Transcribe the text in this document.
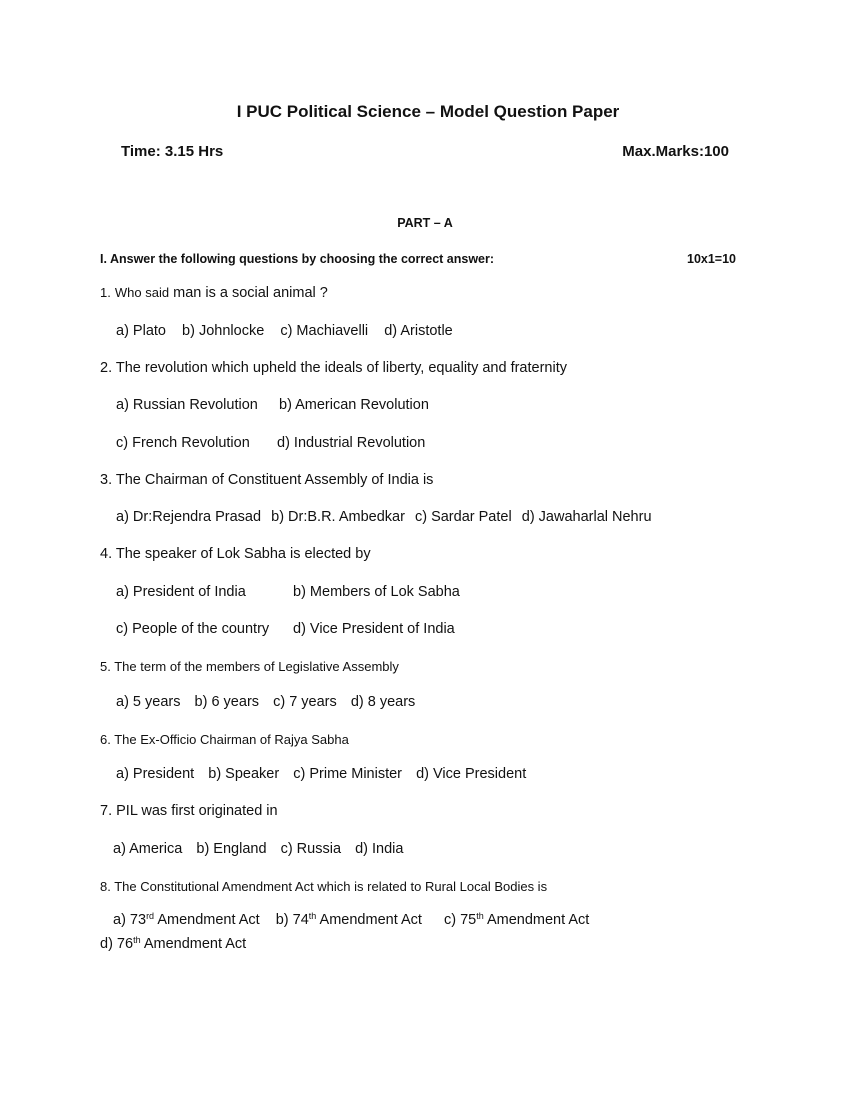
I PUC Political Science – Model Question Paper
Time: 3.15 Hrs	Max.Marks:100
PART – A
I. Answer the following questions by choosing the correct answer:	10x1=10
1. Who said man is a social animal ?
a) Plato b) Johnlocke c) Machiavelli d) Aristotle
2. The revolution which upheld the ideals of liberty, equality and fraternity
a) Russian Revolution b) American Revolution
c) French Revolution d) Industrial Revolution
3. The Chairman of Constituent Assembly of India is
a) Dr:Rejendra Prasad b) Dr:B.R. Ambedkar c) Sardar Patel d) Jawaharlal Nehru
4. The speaker of Lok Sabha is elected by
a) President of India	b) Members of Lok Sabha
c) People of the country d) Vice President of India
5. The term of the members of Legislative Assembly
a) 5 years b) 6 years c) 7 years d) 8 years
6. The Ex-Officio Chairman of Rajya Sabha
a) President b) Speaker c) Prime Minister d) Vice President
7. PIL was first originated in
a) America b) England c) Russia d) India
8. The Constitutional Amendment Act which is related to Rural Local Bodies is
a) 73rd Amendment Act b) 74th Amendment Act c) 75th Amendment Act
d) 76th Amendment Act
